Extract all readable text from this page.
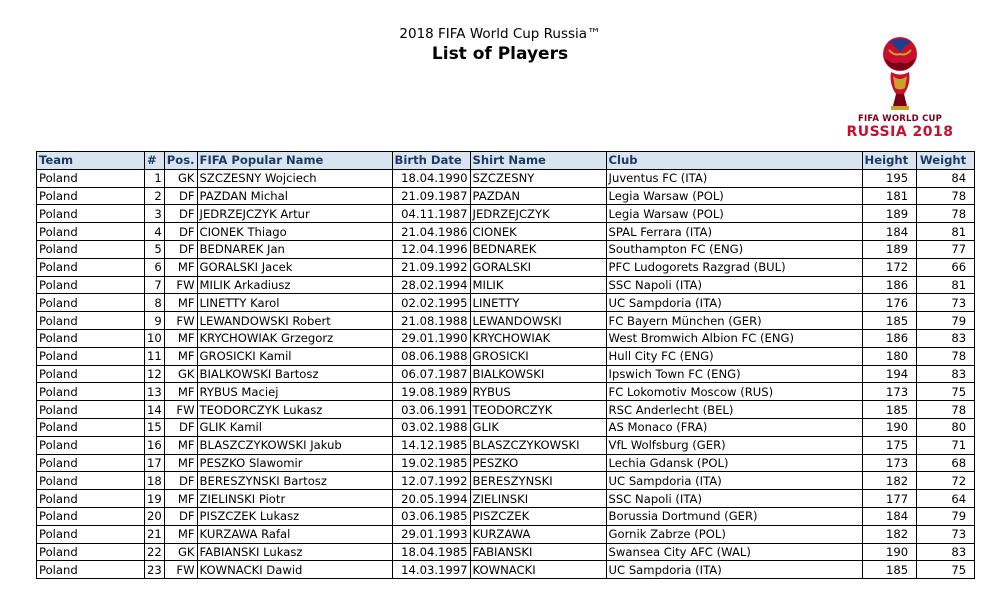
2018 FIFA World Cup Russia™
List of Players
FIFA WORLD CUP
RUSSIA 2018
Team	#	Pos.	FIFA Popular Name	Birth Date	Shirt Name	Club	Height	Weight
Poland	1	GK	SZCZESNY Wojciech	18.04.1990	SZCZESNY	Juventus FC (ITA)	195	84
Poland	2	DF	PAZDAN Michal	21.09.1987	PAZDAN	Legia Warsaw (POL)	181	78
Poland	3	DF	JEDRZEJCZYK Artur	04.11.1987	JEDRZEJCZYK	Legia Warsaw (POL)	189	78
Poland	4	DF	CIONEK Thiago	21.04.1986	CIONEK	SPAL Ferrara (ITA)	184	81
Poland	5	DF	BEDNAREK Jan	12.04.1996	BEDNAREK	Southampton FC (ENG)	189	77
Poland	6	MF	GORALSKI Jacek	21.09.1992	GORALSKI	PFC Ludogorets Razgrad (BUL)	172	66
Poland	7	FW	MILIK Arkadiusz	28.02.1994	MILIK	SSC Napoli (ITA)	186	81
Poland	8	MF	LINETTY Karol	02.02.1995	LINETTY	UC Sampdoria (ITA)	176	73
Poland	9	FW	LEWANDOWSKI Robert	21.08.1988	LEWANDOWSKI	FC Bayern München (GER)	185	79
Poland	10	MF	KRYCHOWIAK Grzegorz	29.01.1990	KRYCHOWIAK	West Bromwich Albion FC (ENG)	186	83
Poland	11	MF	GROSICKI Kamil	08.06.1988	GROSICKI	Hull City FC (ENG)	180	78
Poland	12	GK	BIALKOWSKI Bartosz	06.07.1987	BIALKOWSKI	Ipswich Town FC (ENG)	194	83
Poland	13	MF	RYBUS Maciej	19.08.1989	RYBUS	FC Lokomotiv Moscow (RUS)	173	75
Poland	14	FW	TEODORCZYK Lukasz	03.06.1991	TEODORCZYK	RSC Anderlecht (BEL)	185	78
Poland	15	DF	GLIK Kamil	03.02.1988	GLIK	AS Monaco (FRA)	190	80
Poland	16	MF	BLASZCZYKOWSKI Jakub	14.12.1985	BLASZCZYKOWSKI	VfL Wolfsburg (GER)	175	71
Poland	17	MF	PESZKO Slawomir	19.02.1985	PESZKO	Lechia Gdansk (POL)	173	68
Poland	18	DF	BERESZYNSKI Bartosz	12.07.1992	BERESZYNSKI	UC Sampdoria (ITA)	182	72
Poland	19	MF	ZIELINSKI Piotr	20.05.1994	ZIELINSKI	SSC Napoli (ITA)	177	64
Poland	20	DF	PISZCZEK Lukasz	03.06.1985	PISZCZEK	Borussia Dortmund (GER)	184	79
Poland	21	MF	KURZAWA Rafal	29.01.1993	KURZAWA	Gornik Zabrze (POL)	182	73
Poland	22	GK	FABIANSKI Lukasz	18.04.1985	FABIANSKI	Swansea City AFC (WAL)	190	83
Poland	23	FW	KOWNACKI Dawid	14.03.1997	KOWNACKI	UC Sampdoria (ITA)	185	75
